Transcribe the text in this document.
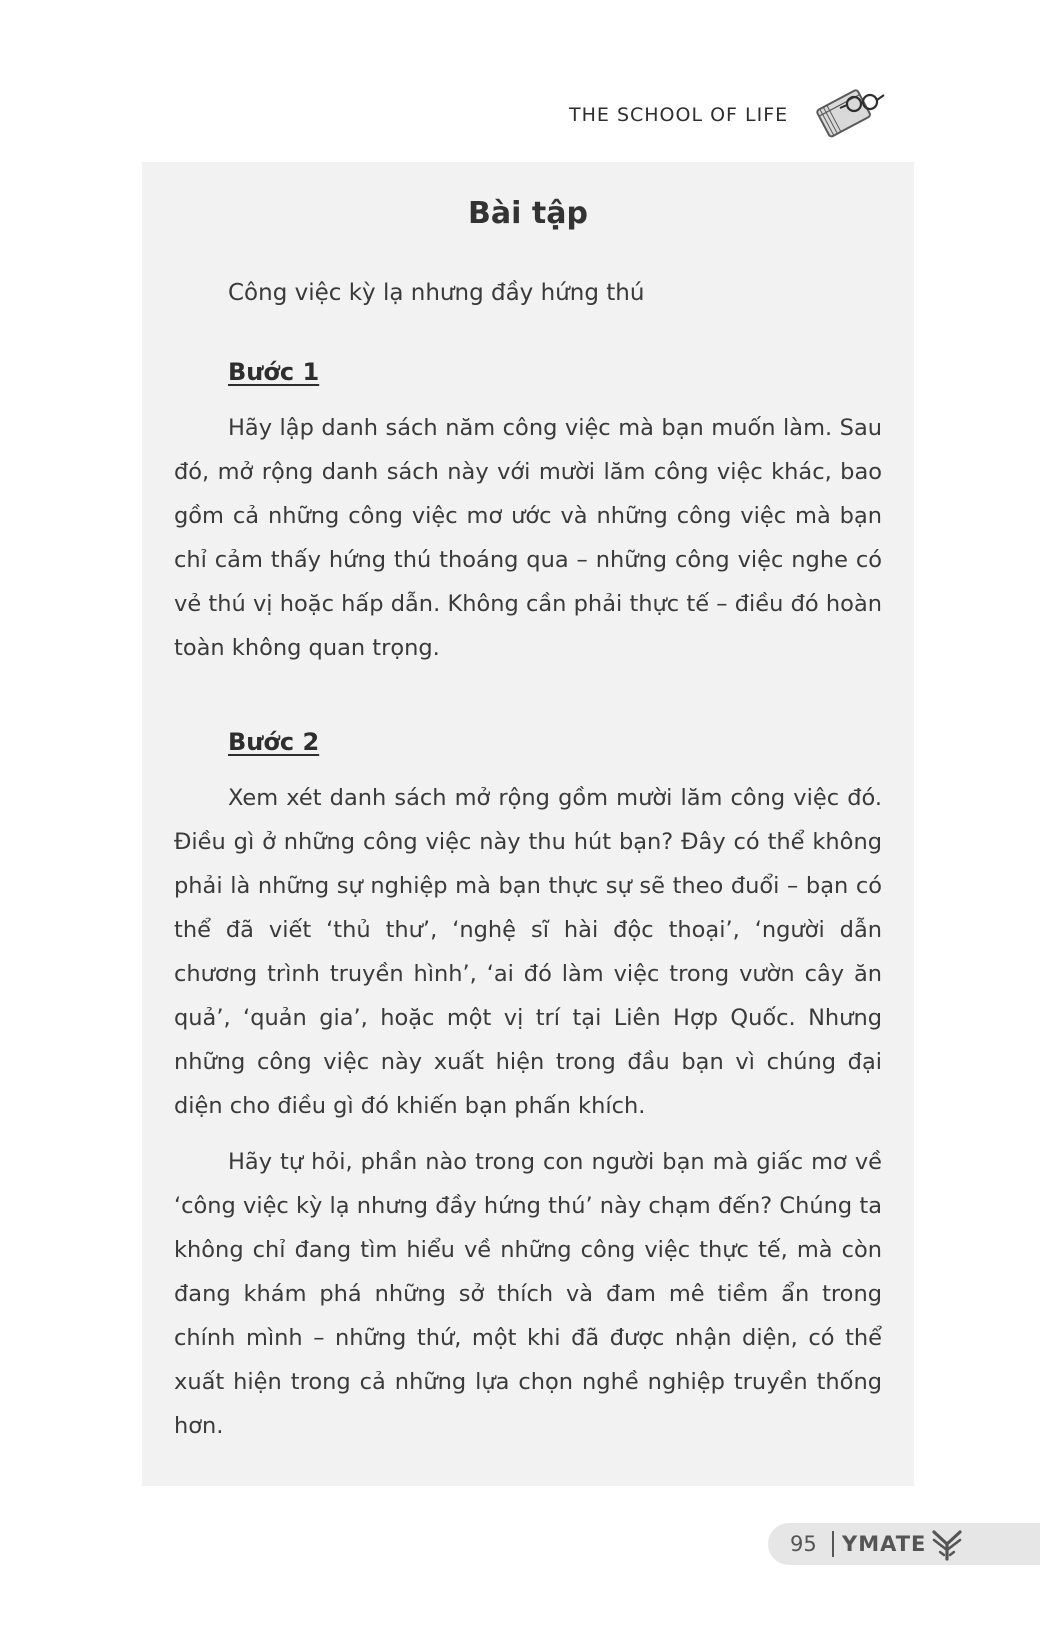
THE SCHOOL OF LIFE
Bài tập
Công việc kỳ lạ nhưng đầy hứng thú
Bước 1

Hãy lập danh sách năm công việc mà bạn muốn làm. Sau đó, mở rộng danh sách này với mười lăm công việc khác, bao gồm cả những công việc mơ ước và những công việc mà bạn chỉ cảm thấy hứng thú thoáng qua – những công việc nghe có vẻ thú vị hoặc hấp dẫn. Không cần phải thực tế – điều đó hoàn toàn không quan trọng.

Bước 2

Xem xét danh sách mở rộng gồm mười lăm công việc đó. Điều gì ở những công việc này thu hút bạn? Đây có thể không phải là những sự nghiệp mà bạn thực sự sẽ theo đuổi – bạn có thể đã viết ‘thủ thư’, ‘nghệ sĩ hài độc thoại’, ‘người dẫn chương trình truyền hình’, ‘ai đó làm việc trong vườn cây ăn quả’, ‘quản gia’, hoặc một vị trí tại Liên Hợp Quốc. Nhưng những công việc này xuất hiện trong đầu bạn vì chúng đại diện cho điều gì đó khiến bạn phấn khích.

Hãy tự hỏi, phần nào trong con người bạn mà giấc mơ về ‘công việc kỳ lạ nhưng đầy hứng thú’ này chạm đến? Chúng ta không chỉ đang tìm hiểu về những công việc thực tế, mà còn đang khám phá những sở thích và đam mê tiềm ẩn trong chính mình – những thứ, một khi đã được nhận diện, có thể xuất hiện trong cả những lựa chọn nghề nghiệp truyền thống hơn.

95 YMATE
